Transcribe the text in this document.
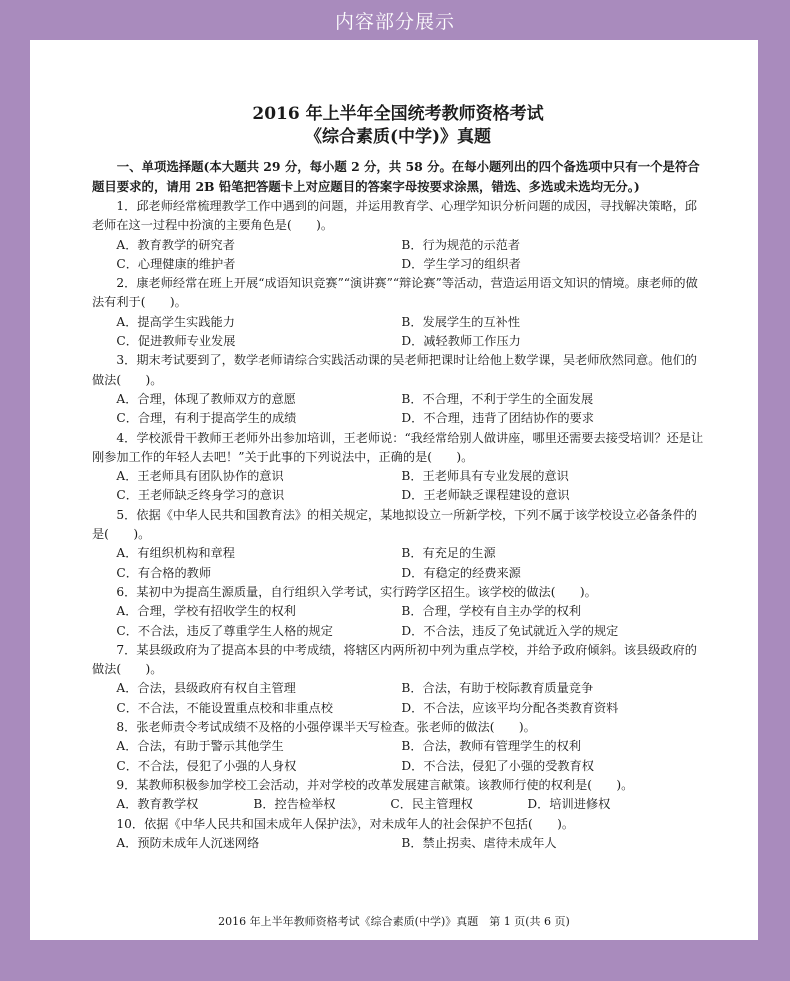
内容部分展示
2016 年上半年全国统考教师资格考试
《综合素质(中学)》真题
一、单项选择题(本大题共 29 分，每小题 2 分，共 58 分。在每小题列出的四个备选项中只有一个是符合题目要求的，请用 2B 铅笔把答题卡上对应题目的答案字母按要求涂黑，错选、多选或未选均无分。)
1．邱老师经常梳理教学工作中遇到的问题，并运用教育学、心理学知识分析问题的成因，寻找解决策略，邱老师在这一过程中扮演的主要角色是(　　)。
A．教育教学的研究者	B．行为规范的示范者
C．心理健康的维护者	D．学生学习的组织者
2．康老师经常在班上开展“成语知识竞赛”“演讲赛”“辩论赛”等活动，营造运用语文知识的情境。康老师的做法有利于(　　)。
A．提高学生实践能力	B．发展学生的互补性
C．促进教师专业发展	D．减轻教师工作压力
3．期末考试要到了，数学老师请综合实践活动课的吴老师把课时让给他上数学课，吴老师欣然同意。他们的做法(　　)。
A．合理，体现了教师双方的意愿	B．不合理，不利于学生的全面发展
C．合理，有利于提高学生的成绩	D．不合理，违背了团结协作的要求
4．学校派骨干教师王老师外出参加培训，王老师说：“我经常给别人做讲座，哪里还需要去接受培训？还是让刚参加工作的年轻人去吧！”关于此事的下列说法中，正确的是(　　)。
A．王老师具有团队协作的意识	B．王老师具有专业发展的意识
C．王老师缺乏终身学习的意识	D．王老师缺乏课程建设的意识
5．依据《中华人民共和国教育法》的相关规定，某地拟设立一所新学校，下列不属于该学校设立必备条件的是(　　)。
A．有组织机构和章程	B．有充足的生源
C．有合格的教师	D．有稳定的经费来源
6．某初中为提高生源质量，自行组织入学考试，实行跨学区招生。该学校的做法(　　)。
A．合理，学校有招收学生的权利	B．合理，学校有自主办学的权利
C．不合法，违反了尊重学生人格的规定	D．不合法，违反了免试就近入学的规定
7．某县级政府为了提高本县的中考成绩，将辖区内两所初中列为重点学校，并给予政府倾斜。该县级政府的做法(　　)。
A．合法，县级政府有权自主管理	B．合法，有助于校际教育质量竞争
C．不合法，不能设置重点校和非重点校	D．不合法，应该平均分配各类教育资料
8．张老师责令考试成绩不及格的小强停课半天写检查。张老师的做法(　　)。
A．合法，有助于警示其他学生	B．合法，教师有管理学生的权利
C．不合法，侵犯了小强的人身权	D．不合法，侵犯了小强的受教育权
9．某教师积极参加学校工会活动，并对学校的改革发展建言献策。该教师行使的权利是(　　)。
A．教育教学权	B．控告检举权	C．民主管理权	D．培训进修权
10．依据《中华人民共和国未成年人保护法》，对未成年人的社会保护不包括(　　)。
A．预防未成年人沉迷网络	B．禁止拐卖、虐待未成年人
2016 年上半年教师资格考试《综合素质(中学)》真题　第 1 页(共 6 页)
